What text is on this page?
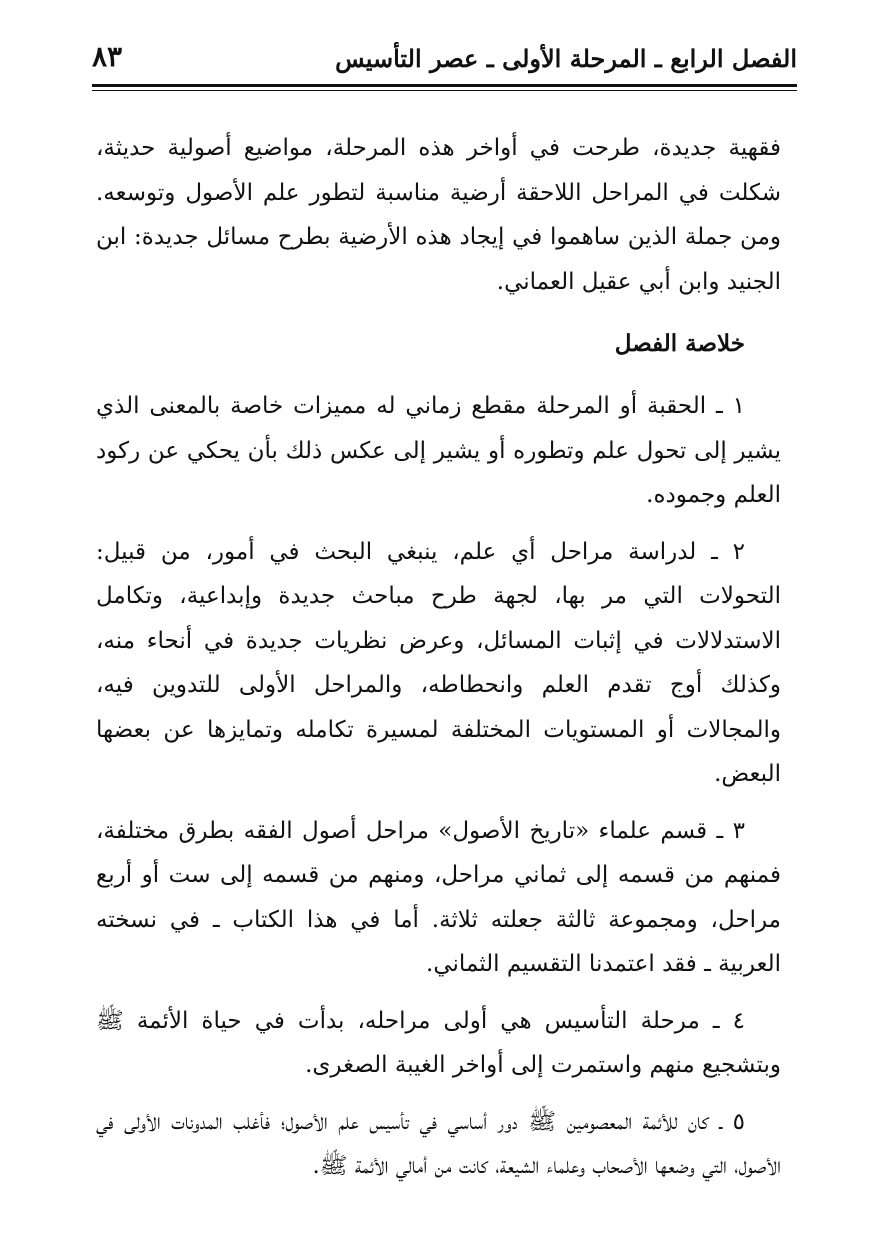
الفصل الرابع ـ المرحلة الأولى ـ عصر التأسيس
٨٣

فقهية جديدة، طرحت في أواخر هذه المرحلة، مواضيع أصولية حديثة، شكلت في المراحل اللاحقة أرضية مناسبة لتطور علم الأصول وتوسعه. ومن جملة الذين ساهموا في إيجاد هذه الأرضية بطرح مسائل جديدة: ابن الجنيد وابن أبي عقيل العماني.

خلاصة الفصل

١ ـ الحقبة أو المرحلة مقطع زماني له مميزات خاصة بالمعنى الذي يشير إلى تحول علم وتطوره أو يشير إلى عكس ذلك بأن يحكي عن ركود العلم وجموده.

٢ ـ لدراسة مراحل أي علم، ينبغي البحث في أمور، من قبيل: التحولات التي مر بها، لجهة طرح مباحث جديدة وإبداعية، وتكامل الاستدلالات في إثبات المسائل، وعرض نظريات جديدة في أنحاء منه، وكذلك أوج تقدم العلم وانحطاطه، والمراحل الأولى للتدوين فيه، والمجالات أو المستويات المختلفة لمسيرة تكامله وتمايزها عن بعضها البعض.

٣ ـ قسم علماء «تاريخ الأصول» مراحل أصول الفقه بطرق مختلفة، فمنهم من قسمه إلى ثماني مراحل، ومنهم من قسمه إلى ست أو أربع مراحل، ومجموعة ثالثة جعلته ثلاثة. أما في هذا الكتاب ـ في نسخته العربية ـ فقد اعتمدنا التقسيم الثماني.

٤ ـ مرحلة التأسيس هي أولى مراحله، بدأت في حياة الأئمة ﷺ وبتشجيع منهم واستمرت إلى أواخر الغيبة الصغرى.

٥ ـ كان للأئمة المعصومين ﷺ دور أساسي في تأسيس علم الأصول؛ فأغلب المدونات الأولى في الأصول، التي وضعها الأصحاب وعلماء الشيعة، كانت من أمالي الأئمة ﷺ.
